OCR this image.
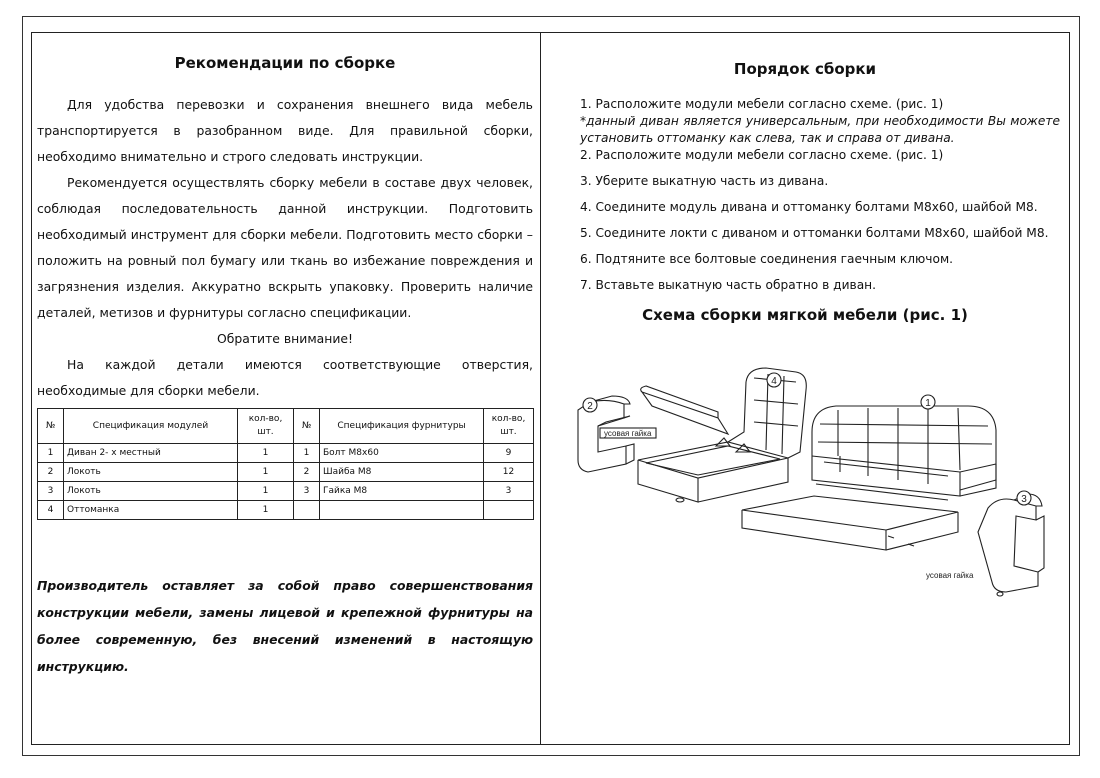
Рекомендации по сборке

Для удобства перевозки и сохранения внешнего вида мебель транспортируется в разобранном виде. Для правильной сборки, необходимо внимательно и строго следовать инструкции.

Рекомендуется осуществлять сборку мебели в составе двух человек, соблюдая последовательность данной инструкции. Подготовить необходимый инструмент для сборки мебели. Подготовить место сборки – положить на ровный пол бумагу или ткань во избежание повреждения и загрязнения изделия. Аккуратно вскрыть упаковку. Проверить наличие деталей, метизов и фурнитуры согласно спецификации.

Обратите внимание!

На каждой детали имеются соответствующие отверстия, необходимые для сборки мебели.

№	Спецификация модулей	кол-во, шт.	№	Спецификация фурнитуры	кол-во, шт.
1	Диван 2- х местный	1	1	Болт М8х60	9
2	Локоть	1	2	Шайба М8	12
3	Локоть	1	3	Гайка М8	3
4	Оттоманка	1			
Производитель оставляет за собой право совершенствования конструкции мебели, замены лицевой и крепежной фурнитуры на более современную, без внесений изменений в настоящую инструкцию.
Порядок сборки
1. Расположите модули мебели согласно схеме. (рис. 1)
*данный диван является универсальным, при необходимости Вы можете установить оттоманку как слева, так и справа от дивана.
2. Расположите модули мебели согласно схеме. (рис. 1)
3. Уберите выкатную часть из дивана.
4. Соедините модуль дивана и оттоманку болтами М8х60, шайбой М8.
5. Соедините локти с диваном и оттоманки болтами М8х60, шайбой М8.
6. Подтяните все болтовые соединения гаечным ключом.
7. Вставьте выкатную часть обратно в диван.
Схема сборки мягкой мебели (рис. 1)
2
усовая гайка
4
1
3
усовая гайка
